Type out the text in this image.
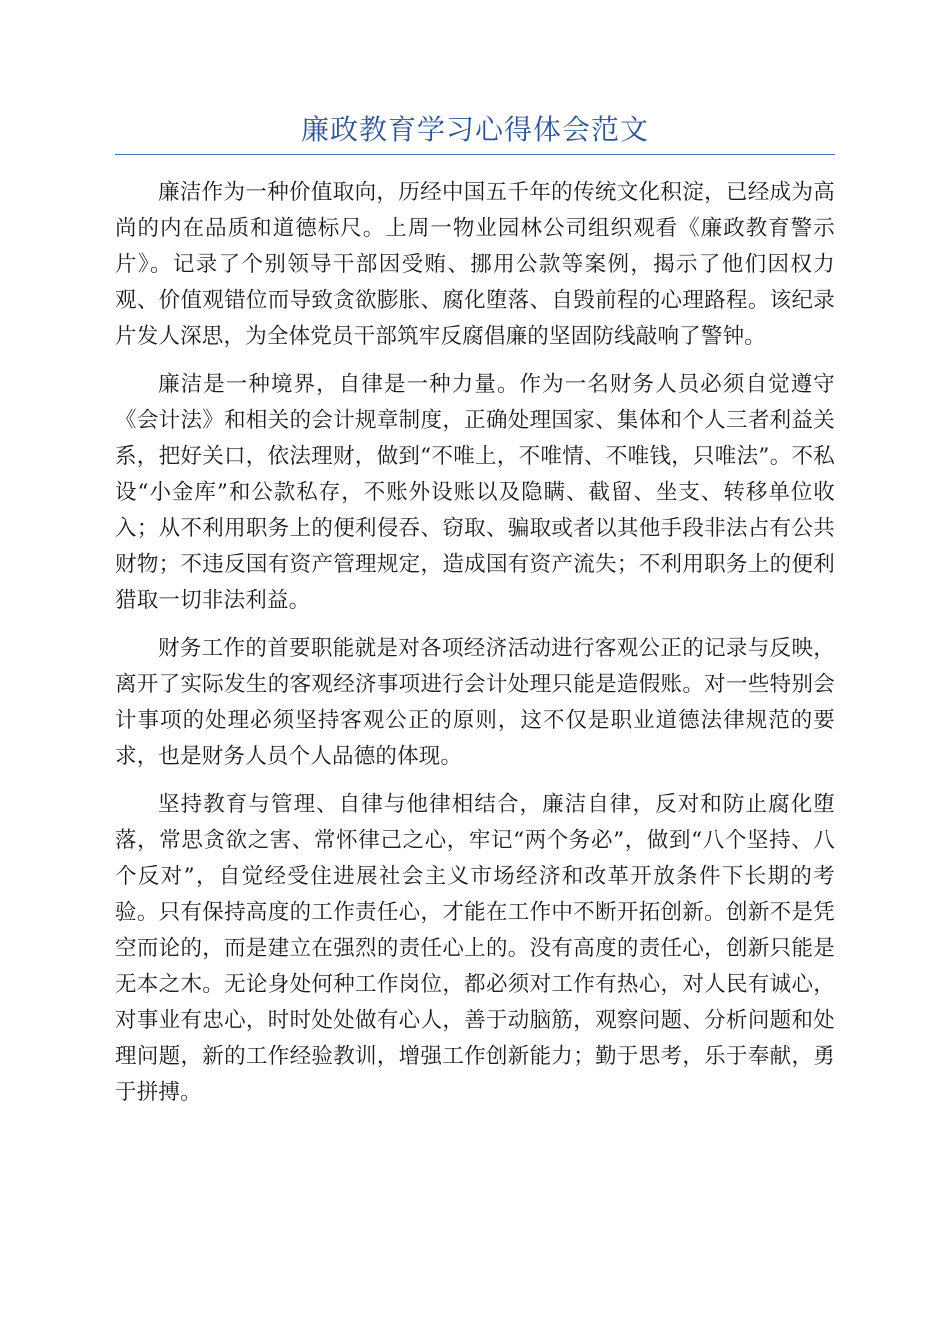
廉政教育学习心得体会范文

廉洁作为一种价值取向，历经中国五千年的传统文化积淀，已经成为高尚的内在品质和道德标尺。上周一物业园林公司组织观看《廉政教育警示片》。记录了个别领导干部因受贿、挪用公款等案例，揭示了他们因权力观、价值观错位而导致贪欲膨胀、腐化堕落、自毁前程的心理路程。该纪录片发人深思，为全体党员干部筑牢反腐倡廉的坚固防线敲响了警钟。

廉洁是一种境界，自律是一种力量。作为一名财务人员必须自觉遵守《会计法》和相关的会计规章制度，正确处理国家、集体和个人三者利益关系，把好关口，依法理财，做到“不唯上，不唯情、不唯钱，只唯法”。不私设“小金库”和公款私存，不账外设账以及隐瞒、截留、坐支、转移单位收入；从不利用职务上的便利侵吞、窃取、骗取或者以其他手段非法占有公共财物；不违反国有资产管理规定，造成国有资产流失；不利用职务上的便利猎取一切非法利益。

财务工作的首要职能就是对各项经济活动进行客观公正的记录与反映，离开了实际发生的客观经济事项进行会计处理只能是造假账。对一些特别会计事项的处理必须坚持客观公正的原则，这不仅是职业道德法律规范的要求，也是财务人员个人品德的体现。

坚持教育与管理、自律与他律相结合，廉洁自律，反对和防止腐化堕落，常思贪欲之害、常怀律己之心，牢记“两个务必”，做到“八个坚持、八个反对”，自觉经受住进展社会主义市场经济和改革开放条件下长期的考验。只有保持高度的工作责任心，才能在工作中不断开拓创新。创新不是凭空而论的，而是建立在强烈的责任心上的。没有高度的责任心，创新只能是无本之木。无论身处何种工作岗位，都必须对工作有热心，对人民有诚心，对事业有忠心，时时处处做有心人，善于动脑筋，观察问题、分析问题和处理问题，新的工作经验教训，增强工作创新能力；勤于思考，乐于奉献，勇于拼搏。
